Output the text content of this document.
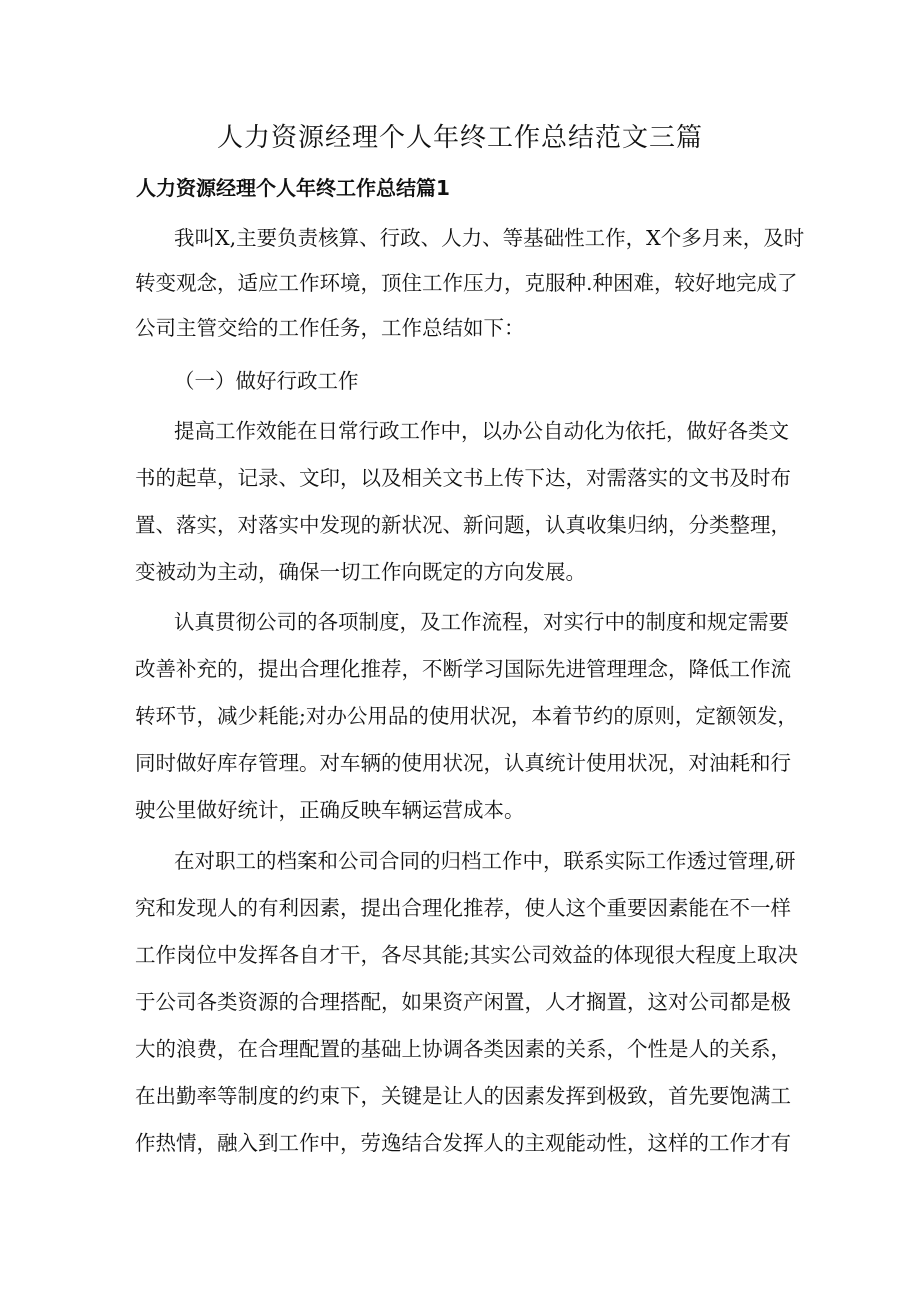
人力资源经理个人年终工作总结范文三篇
人力资源经理个人年终工作总结篇1
我叫X,主要负责核算、行政、人力、等基础性工作，X个多月来，及时
转变观念，适应工作环境，顶住工作压力，克服种.种困难，较好地完成了
公司主管交给的工作任务，工作总结如下：
（一）做好行政工作
提高工作效能在日常行政工作中，以办公自动化为依托，做好各类文
书的起草，记录、文印，以及相关文书上传下达，对需落实的文书及时布
置、落实，对落实中发现的新状况、新问题，认真收集归纳，分类整理，
变被动为主动，确保一切工作向既定的方向发展。
认真贯彻公司的各项制度，及工作流程，对实行中的制度和规定需要
改善补充的，提出合理化推荐，不断学习国际先进管理理念，降低工作流
转环节，减少耗能;对办公用品的使用状况，本着节约的原则，定额领发，
同时做好库存管理。对车辆的使用状况，认真统计使用状况，对油耗和行
驶公里做好统计，正确反映车辆运营成本。
在对职工的档案和公司合同的归档工作中，联系实际工作透过管理,研
究和发现人的有利因素，提出合理化推荐，使人这个重要因素能在不一样
工作岗位中发挥各自才干，各尽其能;其实公司效益的体现很大程度上取决
于公司各类资源的合理搭配，如果资产闲置，人才搁置，这对公司都是极
大的浪费，在合理配置的基础上协调各类因素的关系，个性是人的关系，
在出勤率等制度的约束下，关键是让人的因素发挥到极致，首先要饱满工
作热情，融入到工作中，劳逸结合发挥人的主观能动性，这样的工作才有
